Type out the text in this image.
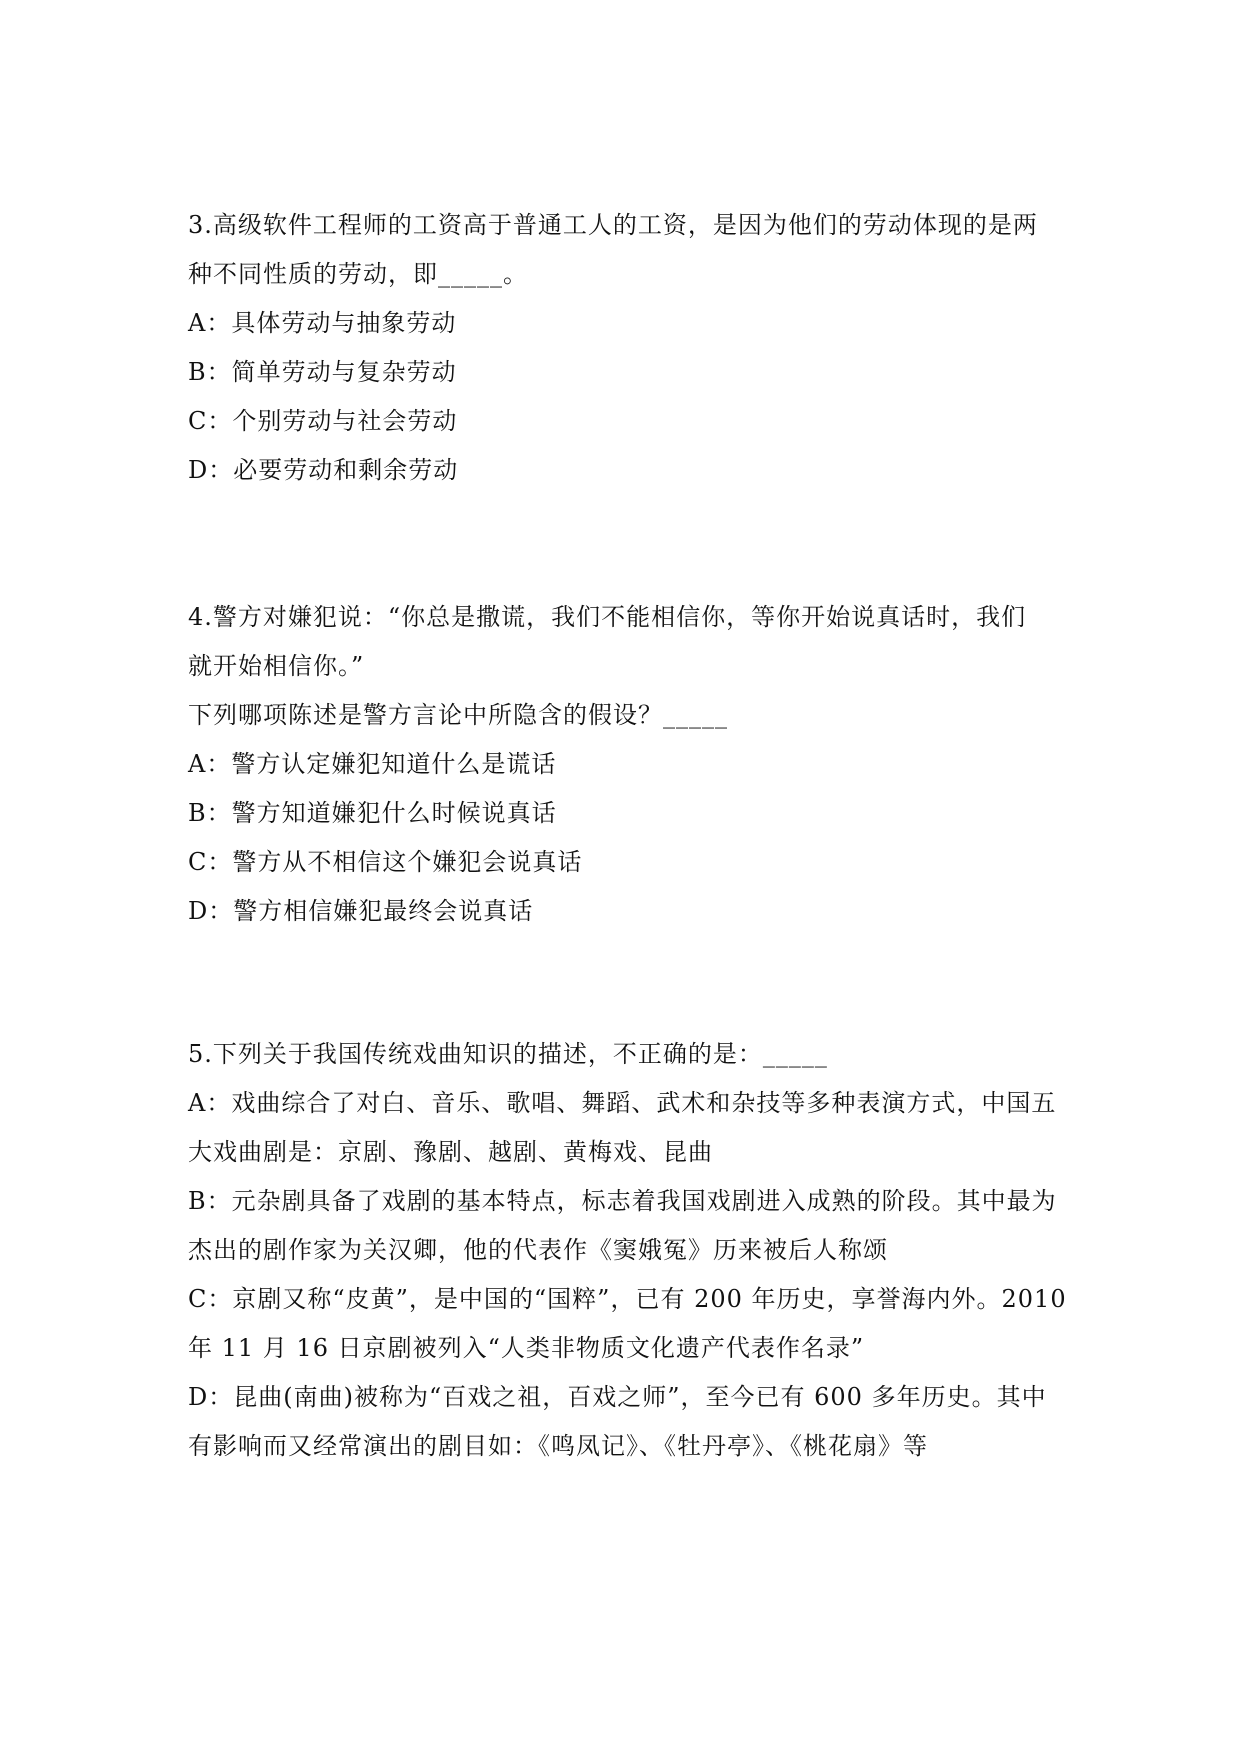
3.高级软件工程师的工资高于普通工人的工资，是因为他们的劳动体现的是两
种不同性质的劳动，即_____。
A：具体劳动与抽象劳动
B：简单劳动与复杂劳动
C：个别劳动与社会劳动
D：必要劳动和剩余劳动
4.警方对嫌犯说：“你总是撒谎，我们不能相信你，等你开始说真话时，我们
就开始相信你。”
下列哪项陈述是警方言论中所隐含的假设？_____
A：警方认定嫌犯知道什么是谎话
B：警方知道嫌犯什么时候说真话
C：警方从不相信这个嫌犯会说真话
D：警方相信嫌犯最终会说真话
5.下列关于我国传统戏曲知识的描述，不正确的是：_____
A：戏曲综合了对白、音乐、歌唱、舞蹈、武术和杂技等多种表演方式，中国五
大戏曲剧是：京剧、豫剧、越剧、黄梅戏、昆曲
B：元杂剧具备了戏剧的基本特点，标志着我国戏剧进入成熟的阶段。其中最为
杰出的剧作家为关汉卿，他的代表作《窦娥冤》历来被后人称颂
C：京剧又称“皮黄”，是中国的“国粹”，已有 200 年历史，享誉海内外。2010
年 11 月 16 日京剧被列入“人类非物质文化遗产代表作名录”
D：昆曲(南曲)被称为“百戏之祖，百戏之师”，至今已有 600 多年历史。其中
有影响而又经常演出的剧目如：《鸣凤记》、《牡丹亭》、《桃花扇》等
